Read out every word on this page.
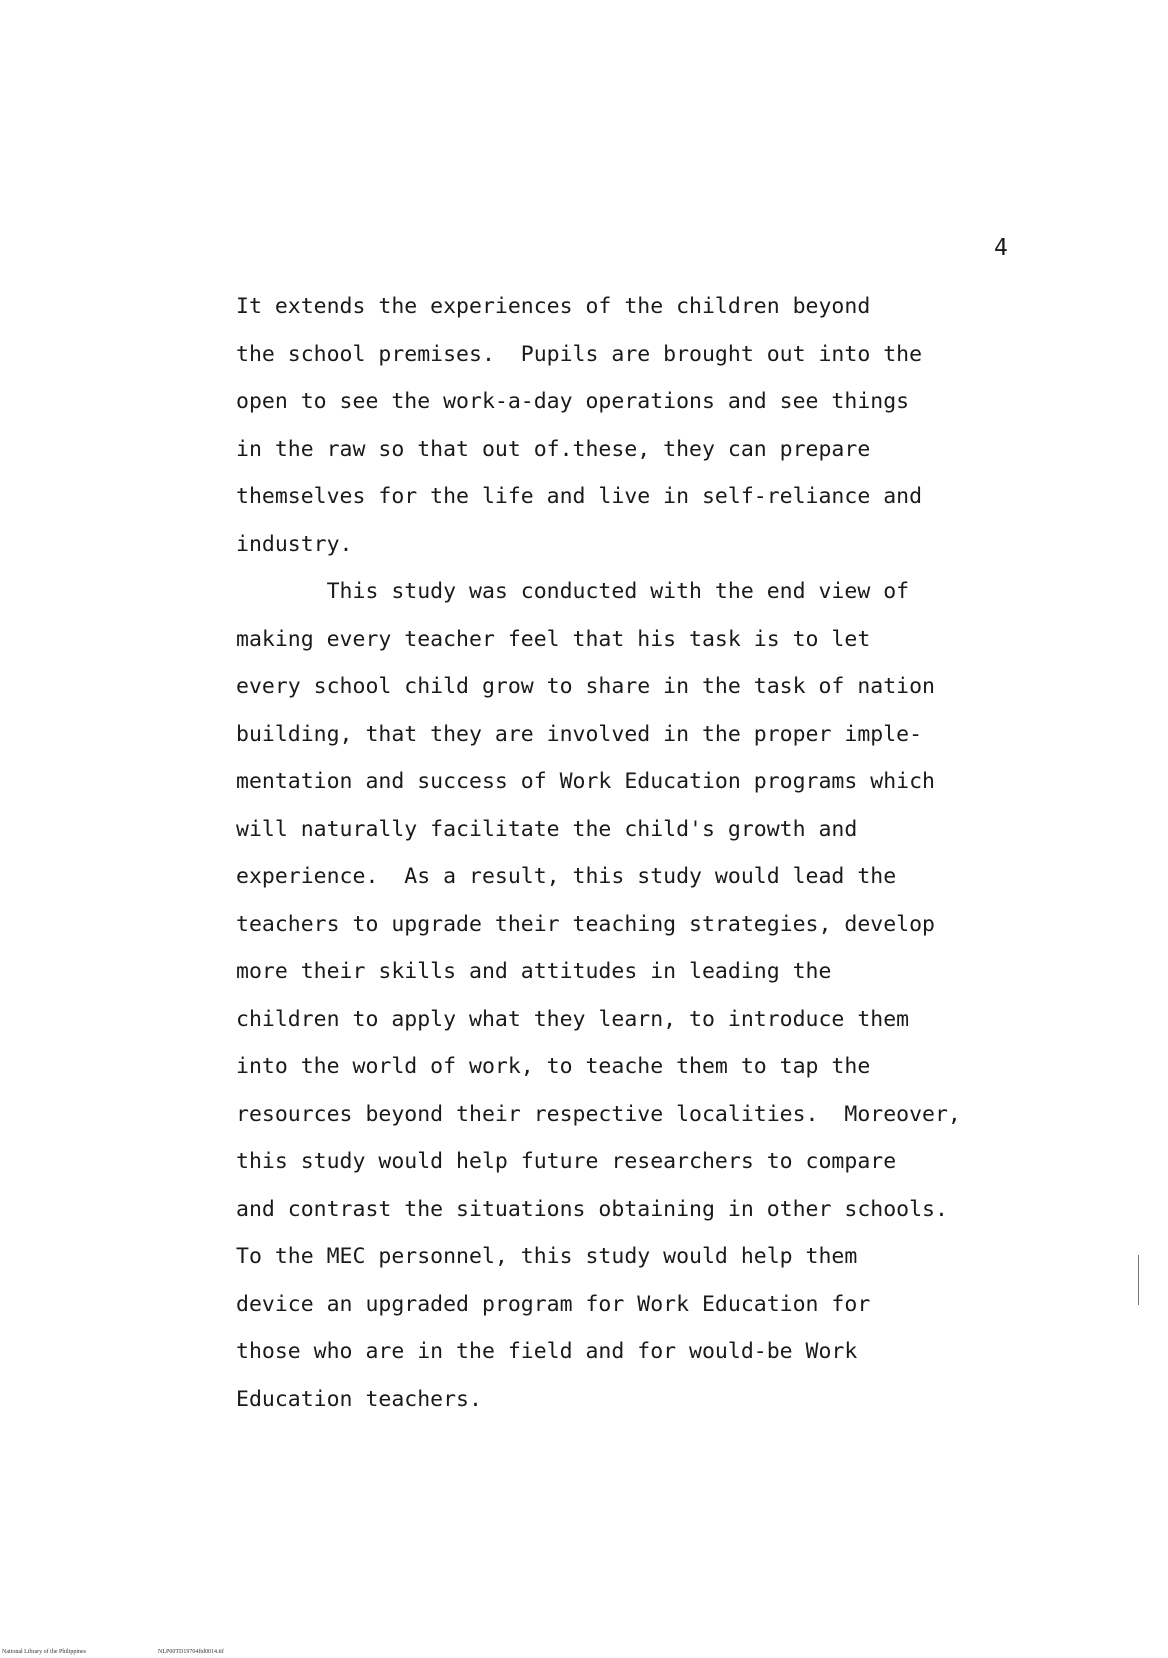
4
It extends the experiences of the children beyond
the school premises.  Pupils are brought out into the
open to see the work-a-day operations and see things
in the raw so that out of.these, they can prepare
themselves for the life and live in self-reliance and
industry.
This study was conducted with the end view of
making every teacher feel that his task is to let
every school child grow to share in the task of nation
building, that they are involved in the proper imple-
mentation and success of Work Education programs which
will naturally facilitate the child's growth and
experience.  As a result, this study would lead the
teachers to upgrade their teaching strategies, develop
more their skills and attitudes in leading the
children to apply what they learn, to introduce them
into the world of work, to teache them to tap the
resources beyond their respective localities.  Moreover,
this study would help future researchers to compare
and contrast the situations obtaining in other schools.
To the MEC personnel, this study would help them
device an upgraded program for Work Education for
those who are in the field and for would-be Work
Education teachers.
National Library of the Philippines	NLP00TD19704ftd0014.tif
